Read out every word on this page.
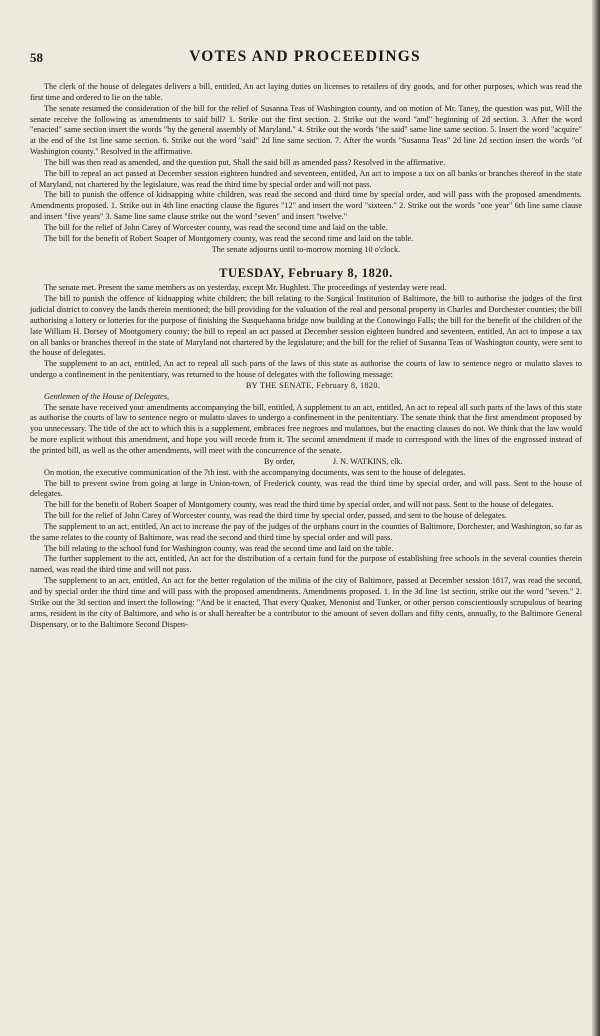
58	VOTES AND PROCEEDINGS

The clerk of the house of delegates delivers a bill, entitled, An act laying duties on licenses to retailers of dry goods, and for other purposes, which was read the first time and ordered to lie on the table.

The senate resumed the consideration of the bill for the relief of Susanna Teas of Washington county, and on motion of Mr. Taney, the question was put, Will the senate receive the following as amendments to said bill? 1. Strike out the first section. 2. Strike out the word "and" beginning of 2d section. 3. After the word "enacted" same section insert the words "by the general assembly of Maryland." 4. Strike out the words "the said" same line same section. 5. Insert the word "acquire" at the end of the 1st line same section. 6. Strike out the word "said" 2d line same section. 7. After the words "Susanna Teas" 2d line 2d section insert the words "of Washington county." Resolved in the affirmative.

The bill was then read as amended, and the question put, Shall the said bill as amended pass? Resolved in the affirmative.

The bill to repeal an act passed at December session eighteen hundred and seventeen, entitled, An act to impose a tax on all banks or branches thereof in the state of Maryland, not chartered by the legislature, was read the third time by special order and will not pass.

The bill to punish the offence of kidnapping white children, was read the second and third time by special order, and will pass with the proposed amendments. Amendments proposed. 1. Strike out in 4th line enacting clause the figures "12" and insert the word "sixteen." 2. Strike out the words "one year" 6th line same clause and insert "five years" 3. Same line same clause strike out the word "seven" and insert "twelve."

The bill for the relief of John Carey of Worcester county, was read the second time and laid on the table.

The bill for the benefit of Robert Soaper of Montgomery county, was read the second time and laid on the table.

The senate adjourns until to-morrow morning 10 o'clock.

TUESDAY, February 8, 1820.

The senate met. Present the same members as on yesterday, except Mr. Hughlett. The proceedings of yesterday were read.

The bill to punish the offence of kidnapping white children; the bill relating to the Surgical Institution of Baltimore, the bill to authorise the judges of the first judicial district to convey the lands therein mentioned; the bill providing for the valuation of the real and personal property in Charles and Dorchester counties; the bill authorising a lottery or lotteries for the purpose of finishing the Susquehanna bridge now building at the Conowingo Falls; the bill for the benefit of the children of the late William H. Dorsey of Montgomery county; the bill to repeal an act passed at December session eighteen hundred and seventeen, entitled, An act to impose a tax on all banks or branches thereof in the state of Maryland not chartered by the legislature; and the bill for the relief of Susanna Teas of Washington county, were sent to the house of delegates.

The supplement to an act, entitled, An act to repeal all such parts of the laws of this state as authorise the courts of law to sentence negro or mulatto slaves to undergo a confinement in the penitentiary, was returned to the house of delegates with the following message:

BY THE SENATE, February 8, 1820.

Gentlemen of the House of Delegates,

The senate have received your amendments accompanying the bill, entitled, A supplement to an act, entitled, An act to repeal all such parts of the laws of this state as authorise the courts of law to sentence negro or mulatto slaves to undergo a confinement in the penitentiary. The senate think that the first amendment proposed by you unnecessary. The title of the act to which this is a supplement, embraces free negroes and mulattoes, but the enacting clauses do not. We think that the law would be more explicit without this amendment, and hope you will recede from it. The second amendment if made to correspond with the lines of the engrossed instead of the printed bill, as well as the other amendments, will meet with the concurrence of the senate.

By order,	J. N. WATKINS, clk.

On motion, the executive communication of the 7th inst. with the accompanying documents, was sent to the house of delegates.

The bill to prevent swine from going at large in Union-town, of Frederick county, was read the third time by special order, and will pass. Sent to the house of delegates.

The bill for the benefit of Robert Soaper of Montgomery county, was read the third time by special order, and will not pass. Sent to the house of delegates.

The bill for the relief of John Carey of Worcester county, was read the third time by special order, passed, and sent to the house of delegates.

The supplement to an act, entitled, An act to increase the pay of the judges of the orphans court in the counties of Baltimore, Dorchester, and Washington, so far as the same relates to the county of Baltimore, was read the second and third time by special order and will pass.

The bill relating to the school fund for Washington county, was read the second time and laid on the table.

The further supplement to the act, entitled, An act for the distribution of a certain fund for the purpose of establishing free schools in the several counties therein named, was read the third time and will not pass.

The supplement to an act, entitled, An act for the better regulation of the militia of the city of Baltimore, passed at December session 1817, was read the second, and by special order the third time and will pass with the proposed amendments. Amendments proposed. 1. In the 3d line 1st section, strike out the word "seven." 2. Strike out the 3d section and insert the following: "And be it enacted, That every Quaker, Menonist and Tunker, or other person conscientiously scrupulous of bearing arms, resident in the city of Baltimore, and who is or shall hereafter be a contributor to the amount of seven dollars and fifty cents, annually, to the Baltimore General Dispensary, or to the Baltimore Second Dispen-
